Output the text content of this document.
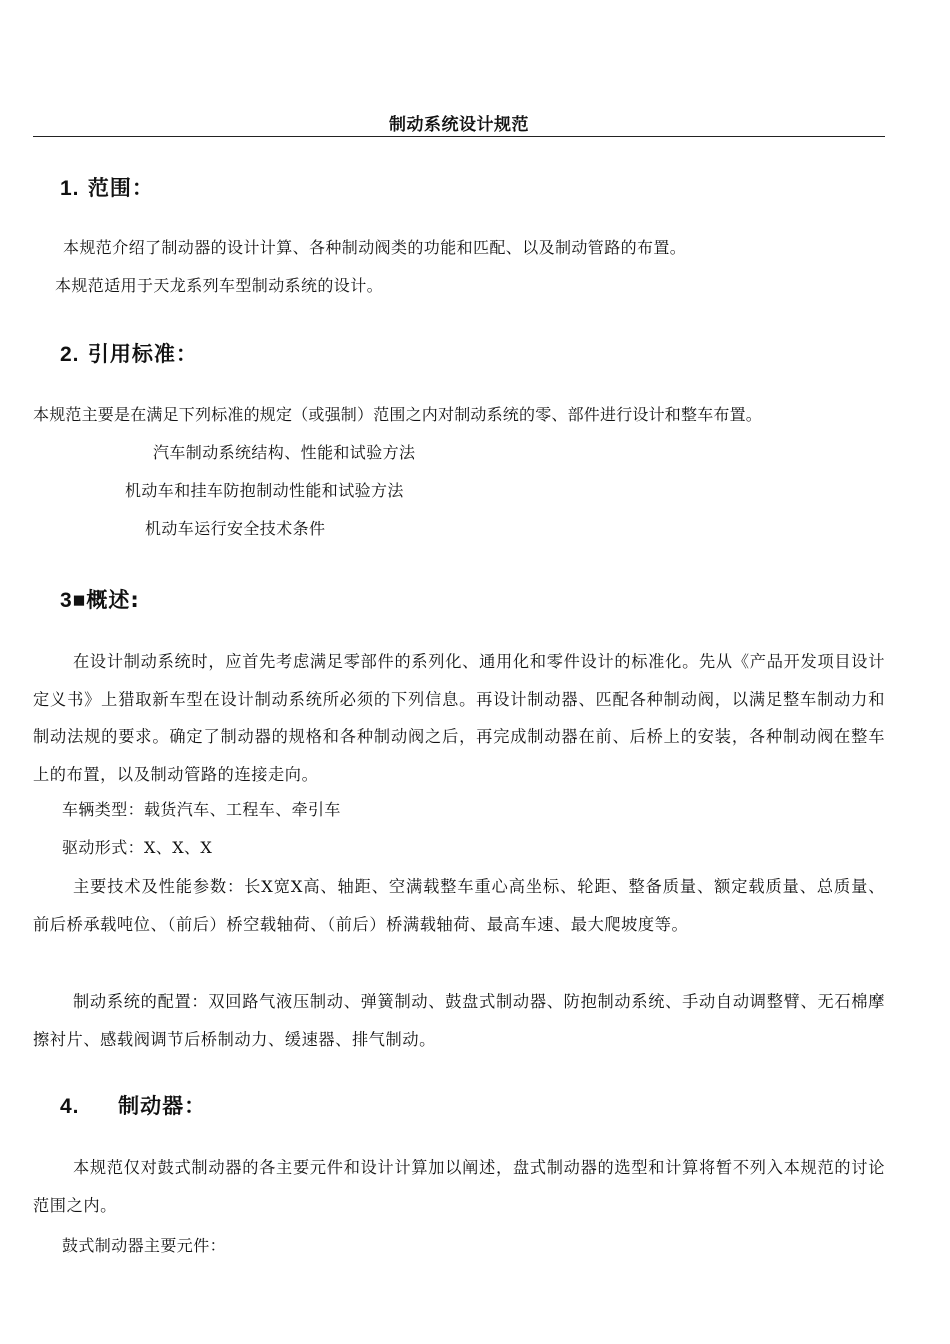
制动系统设计规范
1. 范围：
本规范介绍了制动器的设计计算、各种制动阀类的功能和匹配、以及制动管路的布置。
本规范适用于天龙系列车型制动系统的设计。
2. 引用标准：
本规范主要是在满足下列标准的规定（或强制）范围之内对制动系统的零、部件进行设计和整车布置。
汽车制动系统结构、性能和试验方法
机动车和挂车防抱制动性能和试验方法
机动车运行安全技术条件
3■概述:
在设计制动系统时，应首先考虑满足零部件的系列化、通用化和零件设计的标准化。先从《产品开发项目设计定义书》上猎取新车型在设计制动系统所必须的下列信息。再设计制动器、匹配各种制动阀，以满足整车制动力和制动法规的要求。确定了制动器的规格和各种制动阀之后，再完成制动器在前、后桥上的安装，各种制动阀在整车上的布置，以及制动管路的连接走向。
车辆类型：载货汽车、工程车、牵引车
驱动形式：X、X、X
主要技术及性能参数：长X宽X高、轴距、空满载整车重心高坐标、轮距、整备质量、额定载质量、总质量、前后桥承载吨位、（前后）桥空载轴荷、（前后）桥满载轴荷、最高车速、最大爬坡度等。
制动系统的配置：双回路气液压制动、弹簧制动、鼓盘式制动器、防抱制动系统、手动自动调整臂、无石棉摩擦衬片、感载阀调节后桥制动力、缓速器、排气制动。
4. 制动器：
本规范仅对鼓式制动器的各主要元件和设计计算加以阐述，盘式制动器的选型和计算将暂不列入本规范的讨论范围之内。
鼓式制动器主要元件：
